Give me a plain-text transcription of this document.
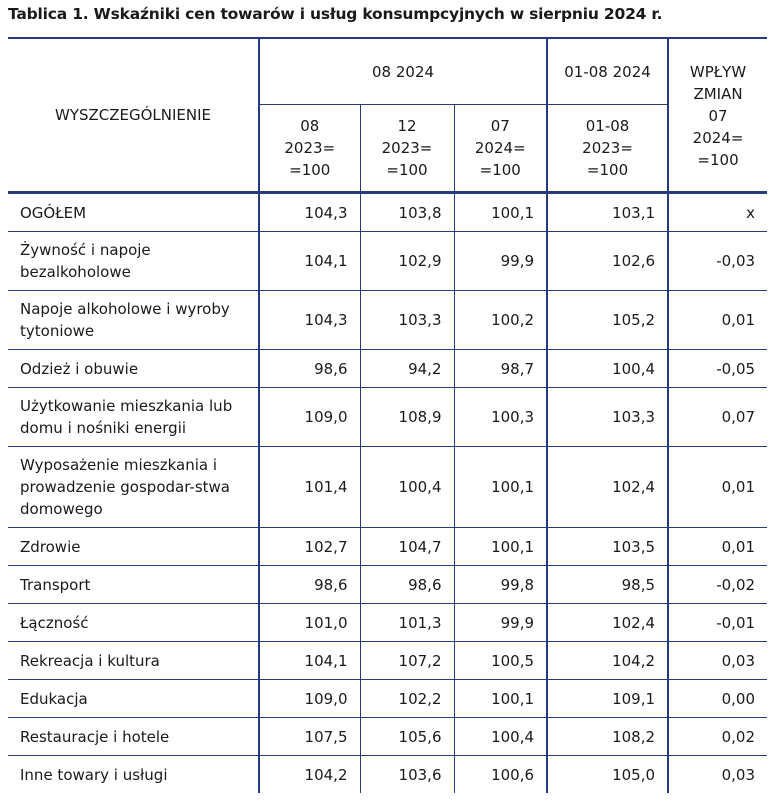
Tablica 1. Wskaźniki cen towarów i usług konsumpcyjnych w sierpniu 2024 r.
WYSZCZEGÓLNIENIE	08 2024			01-08 2024	WPŁYW ZMIAN
	08 2023= =100	12 2023= =100	07 2024= =100	01-08 2023= =100	07 2024= =100
OGÓŁEM	104,3	103,8	100,1	103,1	x
Żywność i napoje bezalkoholowe	104,1	102,9	99,9	102,6	-0,03
Napoje alkoholowe i wyroby tytoniowe	104,3	103,3	100,2	105,2	0,01
Odzież i obuwie	98,6	94,2	98,7	100,4	-0,05
Użytkowanie mieszkania lub domu i nośniki energii	109,0	108,9	100,3	103,3	0,07
Wyposażenie mieszkania i prowadzenie gospodar-stwa domowego	101,4	100,4	100,1	102,4	0,01
Zdrowie	102,7	104,7	100,1	103,5	0,01
Transport	98,6	98,6	99,8	98,5	-0,02
Łączność	101,0	101,3	99,9	102,4	-0,01
Rekreacja i kultura	104,1	107,2	100,5	104,2	0,03
Edukacja	109,0	102,2	100,1	109,1	0,00
Restauracje i hotele	107,5	105,6	100,4	108,2	0,02
Inne towary i usługi	104,2	103,6	100,6	105,0	0,03
